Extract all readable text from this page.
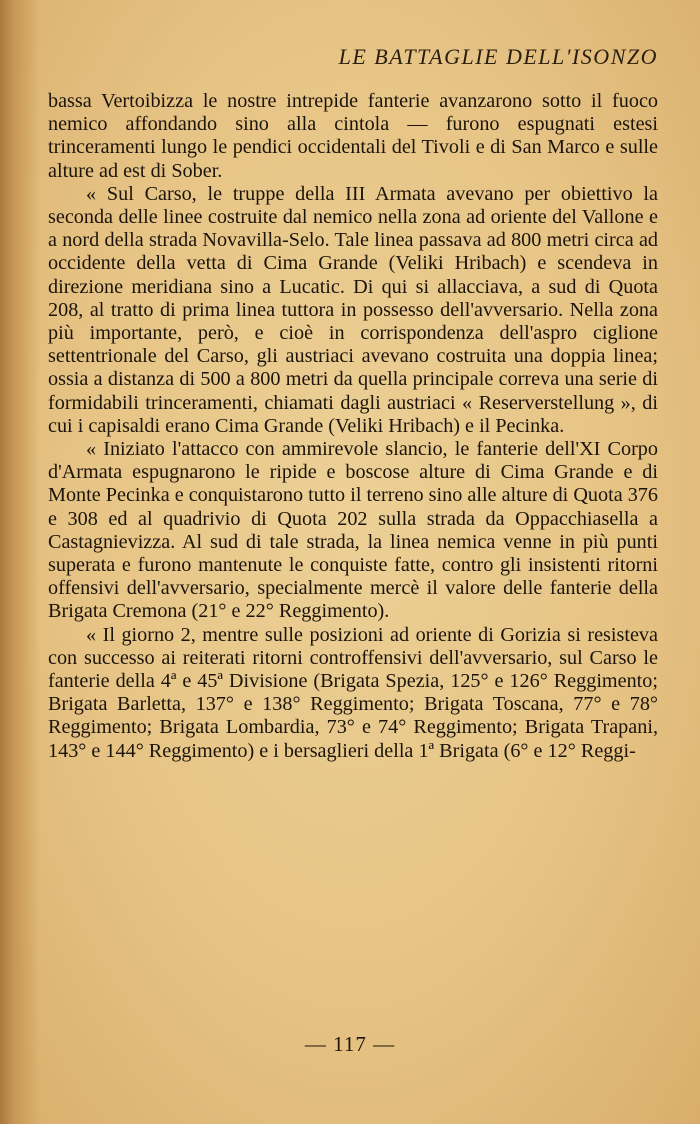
LE BATTAGLIE DELL'ISONZO

bassa Vertoibizza le nostre intrepide fanterie avanzarono sotto il fuoco nemico affondando sino alla cintola — furono espugnati estesi trinceramenti lungo le pendici occidentali del Tivoli e di San Marco e sulle alture ad est di Sober.

« Sul Carso, le truppe della III Armata avevano per obiettivo la seconda delle linee costruite dal nemico nella zona ad oriente del Vallone e a nord della strada Novavilla-Selo. Tale linea passava ad 800 metri circa ad occidente della vetta di Cima Grande (Veliki Hribach) e scendeva in direzione meridiana sino a Lucatic. Di qui si allacciava, a sud di Quota 208, al tratto di prima linea tuttora in possesso dell'avversario. Nella zona più importante, però, e cioè in corrispondenza dell'aspro ciglione settentrionale del Carso, gli austriaci avevano costruita una doppia linea; ossia a distanza di 500 a 800 metri da quella principale correva una serie di formidabili trinceramenti, chiamati dagli austriaci « Reserverstellung », di cui i capisaldi erano Cima Grande (Veliki Hribach) e il Pecinka.

« Iniziato l'attacco con ammirevole slancio, le fanterie dell'XI Corpo d'Armata espugnarono le ripide e boscose alture di Cima Grande e di Monte Pecinka e conquistarono tutto il terreno sino alle alture di Quota 376 e 308 ed al quadrivio di Quota 202 sulla strada da Oppacchiasella a Castagnievizza. Al sud di tale strada, la linea nemica venne in più punti superata e furono mantenute le conquiste fatte, contro gli insistenti ritorni offensivi dell'avversario, specialmente mercè il valore delle fanterie della Brigata Cremona (21° e 22° Reggimento).

« Il giorno 2, mentre sulle posizioni ad oriente di Gorizia si resisteva con successo ai reiterati ritorni controffensivi dell'avversario, sul Carso le fanterie della 4ª e 45ª Divisione (Brigata Spezia, 125° e 126° Reggimento; Brigata Barletta, 137° e 138° Reggimento; Brigata Toscana, 77° e 78° Reggimento; Brigata Lombardia, 73° e 74° Reggimento; Brigata Trapani, 143° e 144° Reggimento) e i bersaglieri della 1ª Brigata (6° e 12° Reggi-

— 117 —
